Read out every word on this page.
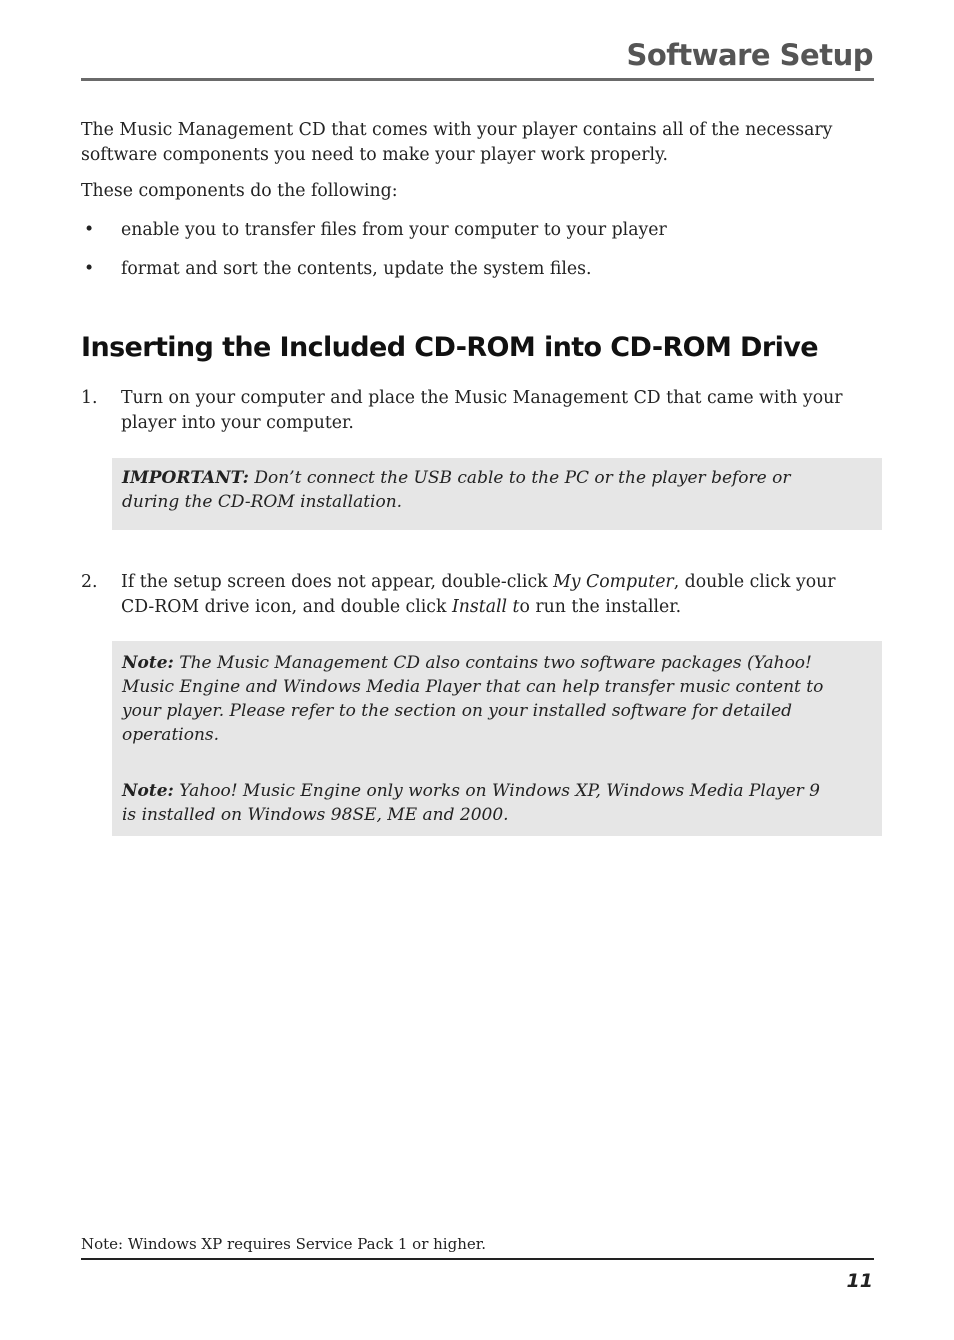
Software Setup

The Music Management CD that comes with your player contains all of the necessary software components you need to make your player work properly.

These components do the following:

• enable you to transfer files from your computer to your player
• format and sort the contents, update the system files.
Inserting the Included CD-ROM into CD-ROM Drive
1. Turn on your computer and place the Music Management CD that came with your player into your computer.
IMPORTANT: Don’t connect the USB cable to the PC or the player before or during the CD-ROM installation.
2. If the setup screen does not appear, double-click My Computer, double click your CD-ROM drive icon, and double click Install to run the installer.
Note: The Music Management CD also contains two software packages (Yahoo! Music Engine and Windows Media Player that can help transfer music content to your player. Please refer to the section on your installed software for detailed operations.
Note: Yahoo! Music Engine only works on Windows XP, Windows Media Player 9 is installed on Windows 98SE, ME and 2000.
Note: Windows XP requires Service Pack 1 or higher.
11
